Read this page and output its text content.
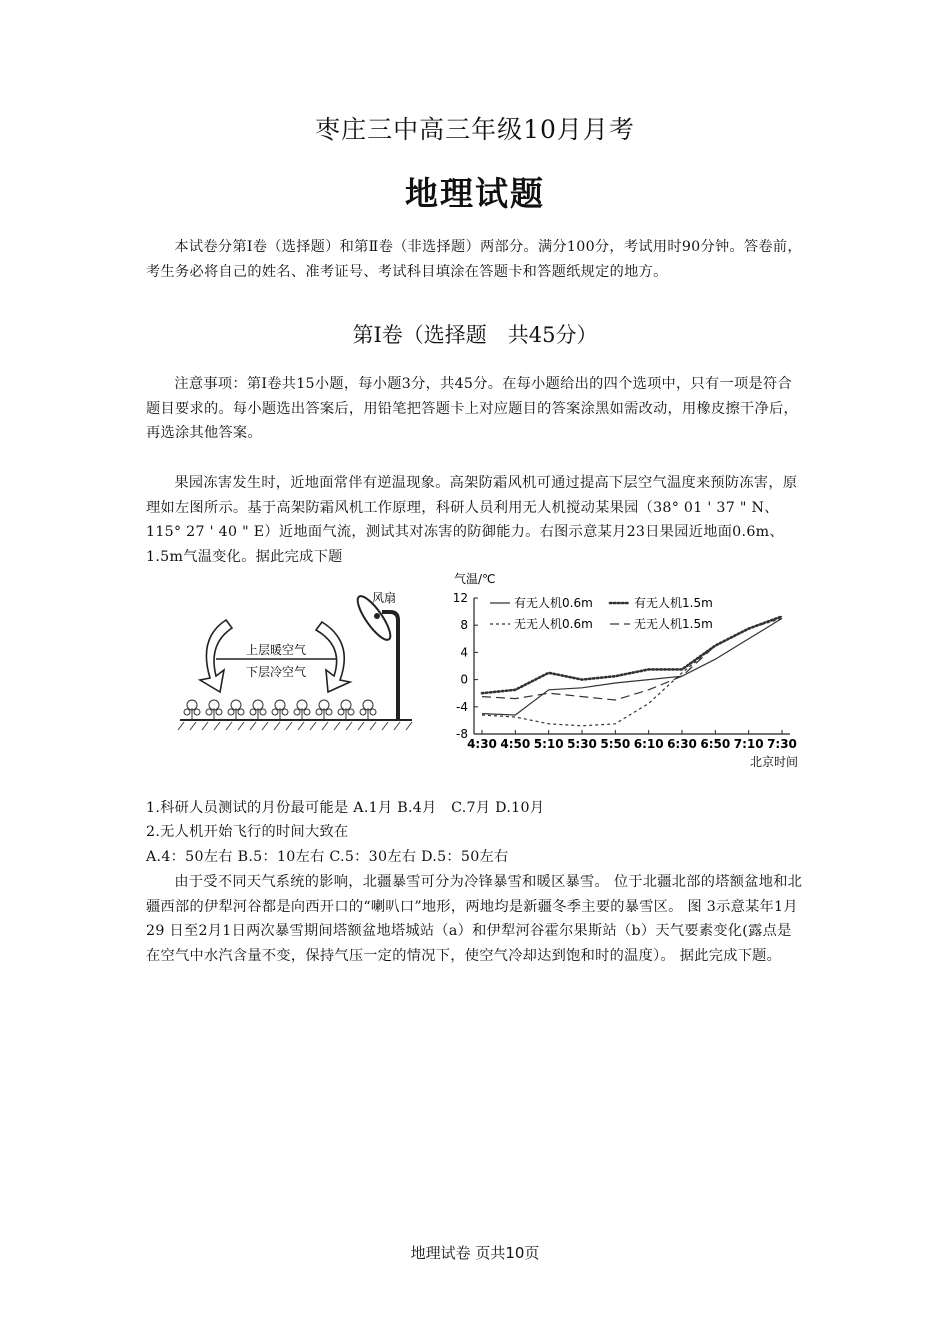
枣庄三中高三年级10月月考
地理试题
本试卷分第Ⅰ卷（选择题）和第Ⅱ卷（非选择题）两部分。满分100分，考试用时90分钟。答卷前，考生务必将自己的姓名、准考证号、考试科目填涂在答题卡和答题纸规定的地方。
第Ⅰ卷（选择题　共45分）
注意事项：第Ⅰ卷共15小题，每小题3分，共45分。在每小题给出的四个选项中，只有一项是符合题目要求的。每小题选出答案后，用铅笔把答题卡上对应题目的答案涂黑如需改动，用橡皮擦干净后，再选涂其他答案。
果园冻害发生时，近地面常伴有逆温现象。高架防霜风机可通过提高下层空气温度来预防冻害，原理如左图所示。基于高架防霜风机工作原理，科研人员利用无人机搅动某果园（38° 01 ' 37 " N、115° 27 ' 40 " E）近地面气流，测试其对冻害的防御能力。右图示意某月23日果园近地面0.6m、1.5m气温变化。据此完成下题
风扇
上层暖空气
下层冷空气
气温/℃
12
8
4
0
-4
-8
4:30 4:50 5:10 5:30 5:50 6:10 6:30 6:50 7:10 7:30
有无人机0.6m	有无人机1.5m
无无人机0.6m	无无人机1.5m
北京时间
1.科研人员测试的月份最可能是 A.1月 B.4月　C.7月 D.10月
2.无人机开始飞行的时间大致在
A.4：50左右 B.5：10左右 C.5：30左右 D.5：50左右
由于受不同天气系统的影响，北疆暴雪可分为冷锋暴雪和暖区暴雪。 位于北疆北部的塔额盆地和北疆西部的伊犁河谷都是向西开口的“喇叭口”地形，两地均是新疆冬季主要的暴雪区。 图 3示意某年1月29 日至2月1日两次暴雪期间塔额盆地塔城站（a）和伊犁河谷霍尔果斯站（b）天气要素变化(露点是在空气中水汽含量不变，保持气压一定的情况下，使空气冷却达到饱和时的温度）。 据此完成下题。
地理试卷 页共10页
